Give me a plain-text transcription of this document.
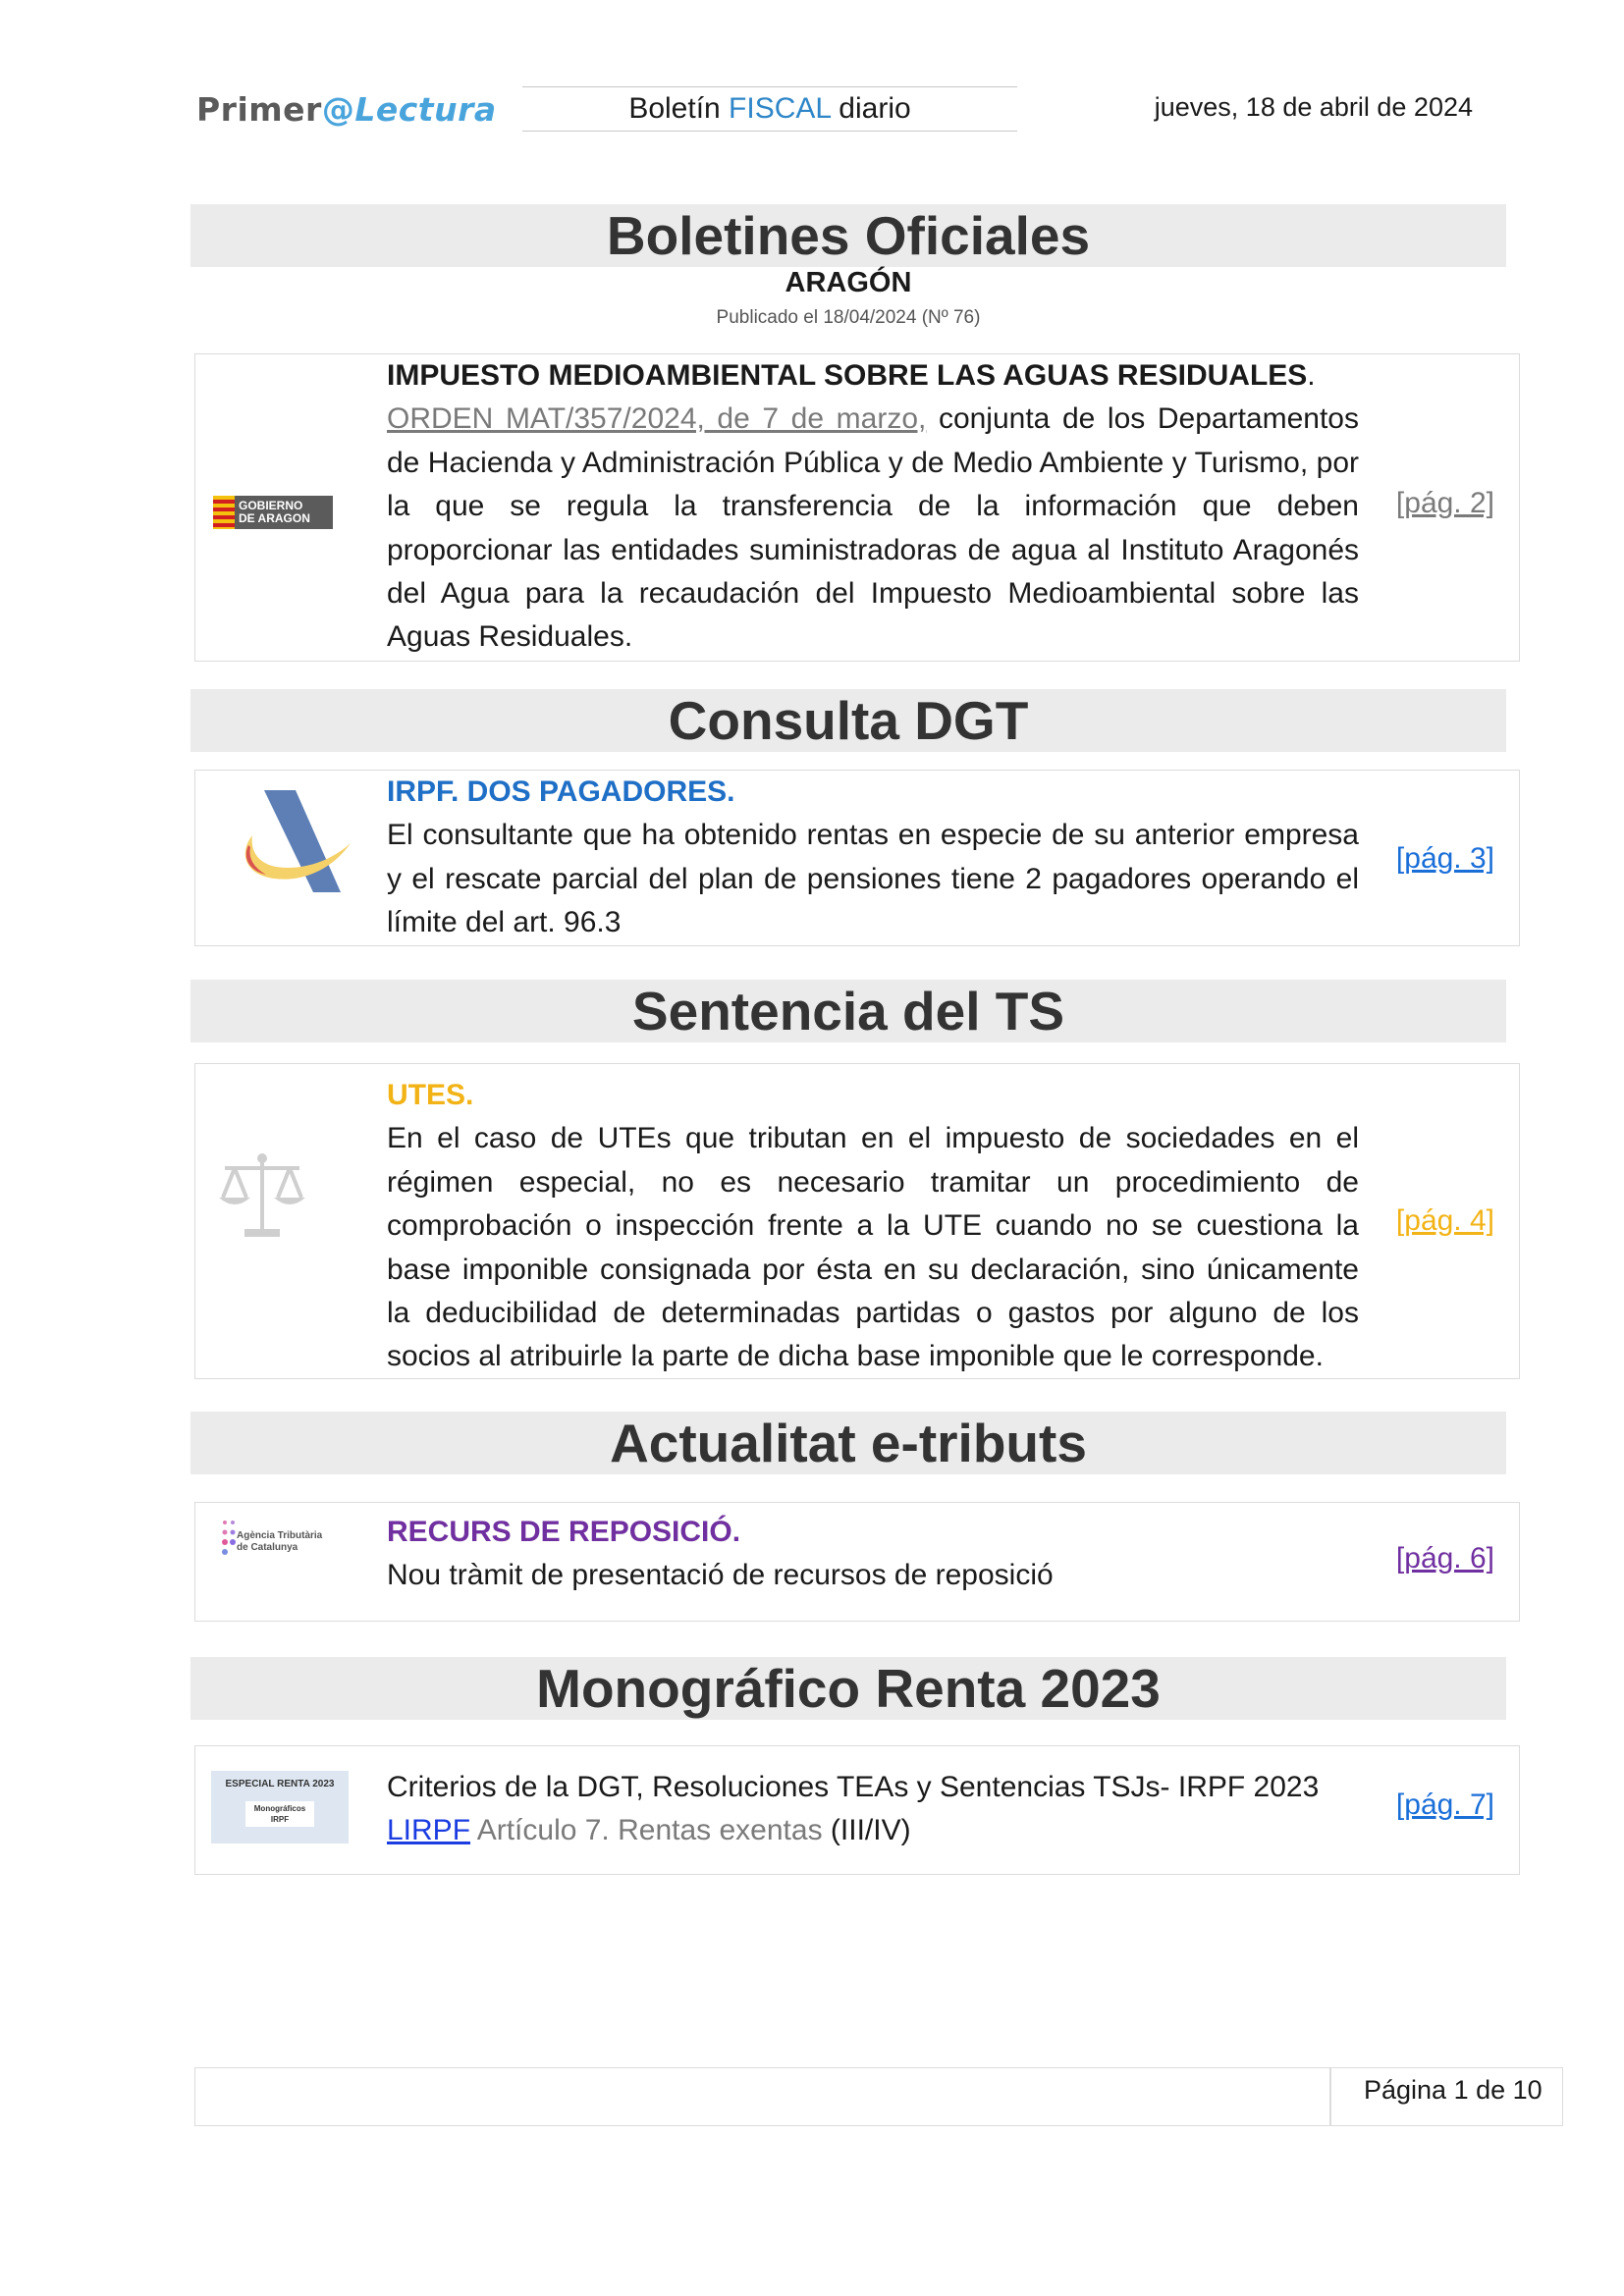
Primer@Lectura	Boletín FISCAL diario	jueves, 18 de abril de 2024
Boletines Oficiales
ARAGÓN
Publicado el 18/04/2024 (Nº 76)
GOBIERNO
DE ARAGON

IMPUESTO MEDIOAMBIENTAL SOBRE LAS AGUAS RESIDUALES.

ORDEN MAT/357/2024, de 7 de marzo, conjunta de los Departamentos de Hacienda y Administración Pública y de Medio Ambiente y Turismo, por la que se regula la transferencia de la información que deben proporcionar las entidades suministradoras de agua al Instituto Aragonés del Agua para la recaudación del Impuesto Medioambiental sobre las Aguas Residuales.

[pág. 2]
Consulta DGT

IRPF. DOS PAGADORES.

El consultante que ha obtenido rentas en especie de su anterior empresa y el rescate parcial del plan de pensiones tiene 2 pagadores operando el límite del art. 96.3

[pág. 3]
Sentencia del TS

UTES.

En el caso de UTEs que tributan en el impuesto de sociedades en el régimen especial, no es necesario tramitar un procedimiento de comprobación o inspección frente a la UTE cuando no se cuestiona la base imponible consignada por ésta en su declaración, sino únicamente la deducibilidad de determinadas partidas o gastos por alguno de los socios al atribuirle la parte de dicha base imponible que le corresponde.

[pág. 4]
Actualitat e-tributs
Agència Tributària
de Catalunya	RECURS DE REPOSICIÓ.

Nou tràmit de presentació de recursos de reposició

[pág. 6]
Monográfico Renta 2023
ESPECIAL RENTA 2023
Monográficos
IRPF

Criterios de la DGT, Resoluciones TEAs y Sentencias TSJs- IRPF 2023

LIRPF Artículo 7. Rentas exentas (III/IV)

[pág. 7]
Página 1 de 10
